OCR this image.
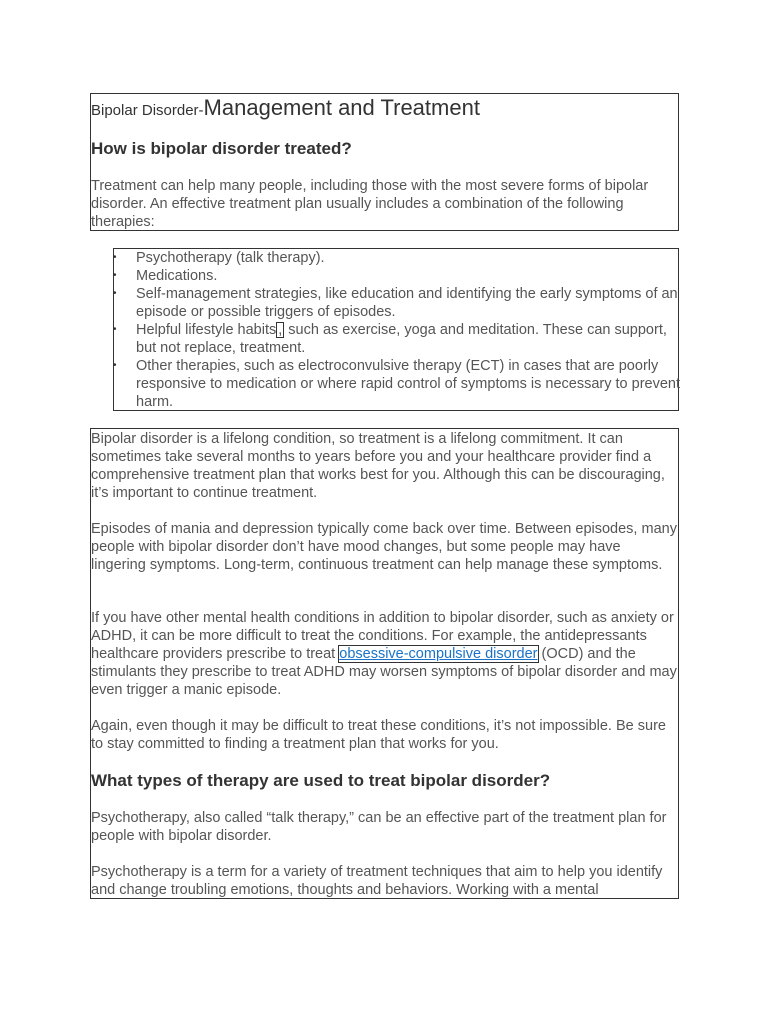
Bipolar Disorder-Management and Treatment
How is bipolar disorder treated?

Treatment can help many people, including those with the most severe forms of bipolar disorder. An effective treatment plan usually includes a combination of the following therapies:

• Psychotherapy (talk therapy).
• Medications.
• Self-management strategies, like education and identifying the early symptoms of an episode or possible triggers of episodes.
• Helpful lifestyle habits , such as exercise, yoga and meditation. These can support, but not replace, treatment.
• Other therapies, such as electroconvulsive therapy (ECT) in cases that are poorly responsive to medication or where rapid control of symptoms is necessary to prevent harm.

Bipolar disorder is a lifelong condition, so treatment is a lifelong commitment. It can sometimes take several months to years before you and your healthcare provider find a comprehensive treatment plan that works best for you. Although this can be discouraging, it’s important to continue treatment.

Episodes of mania and depression typically come back over time. Between episodes, many people with bipolar disorder don’t have mood changes, but some people may have lingering symptoms. Long-term, continuous treatment can help manage these symptoms.

If you have other mental health conditions in addition to bipolar disorder, such as anxiety or ADHD, it can be more difficult to treat the conditions. For example, the antidepressants healthcare providers prescribe to treat obsessive-compulsive disorder (OCD) and the stimulants they prescribe to treat ADHD may worsen symptoms of bipolar disorder and may even trigger a manic episode.

Again, even though it may be difficult to treat these conditions, it’s not impossible. Be sure to stay committed to finding a treatment plan that works for you.

What types of therapy are used to treat bipolar disorder?

Psychotherapy, also called “talk therapy,” can be an effective part of the treatment plan for people with bipolar disorder.

Psychotherapy is a term for a variety of treatment techniques that aim to help you identify and change troubling emotions, thoughts and behaviors. Working with a mental
